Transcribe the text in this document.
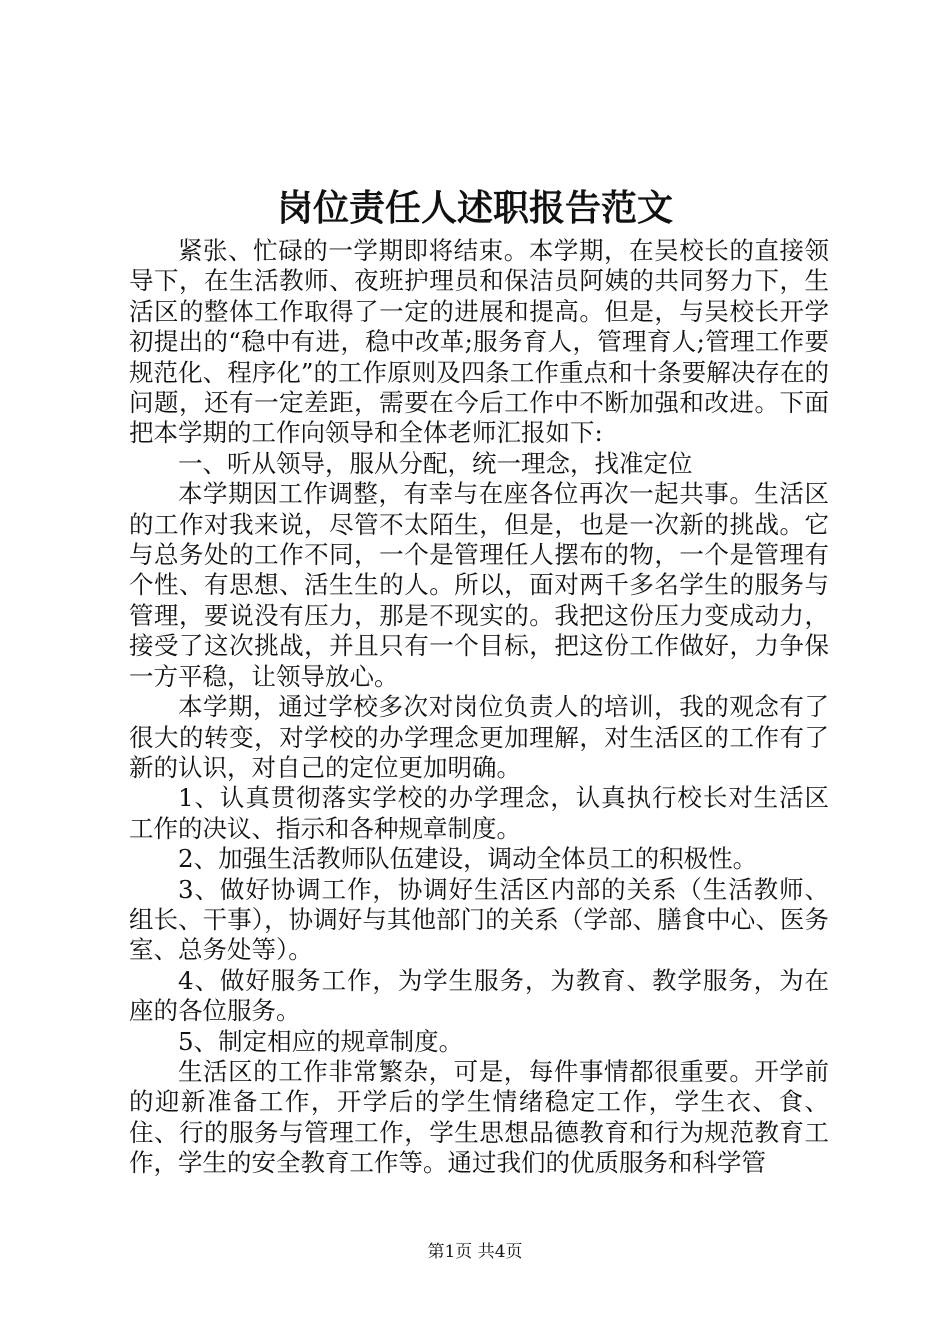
岗位责任人述职报告范文

紧张、忙碌的一学期即将结束。本学期，在吴校长的直接领导下，在生活教师、夜班护理员和保洁员阿姨的共同努力下，生活区的整体工作取得了一定的进展和提高。但是，与吴校长开学初提出的“稳中有进，稳中改革;服务育人，管理育人;管理工作要规范化、程序化”的工作原则及四条工作重点和十条要解决存在的问题，还有一定差距，需要在今后工作中不断加强和改进。下面把本学期的工作向领导和全体老师汇报如下:

一、听从领导，服从分配，统一理念，找准定位

本学期因工作调整，有幸与在座各位再次一起共事。生活区的工作对我来说，尽管不太陌生，但是，也是一次新的挑战。它与总务处的工作不同，一个是管理任人摆布的物，一个是管理有个性、有思想、活生生的人。所以，面对两千多名学生的服务与管理，要说没有压力，那是不现实的。我把这份压力变成动力，接受了这次挑战，并且只有一个目标，把这份工作做好，力争保一方平稳，让领导放心。

本学期，通过学校多次对岗位负责人的培训，我的观念有了很大的转变，对学校的办学理念更加理解，对生活区的工作有了新的认识，对自己的定位更加明确。

1、认真贯彻落实学校的办学理念，认真执行校长对生活区工作的决议、指示和各种规章制度。

2、加强生活教师队伍建设，调动全体员工的积极性。

3、做好协调工作，协调好生活区内部的关系（生活教师、组长、干事），协调好与其他部门的关系（学部、膳食中心、医务室、总务处等）。

4、做好服务工作，为学生服务，为教育、教学服务，为在座的各位服务。

5、制定相应的规章制度。

生活区的工作非常繁杂，可是，每件事情都很重要。开学前的迎新准备工作，开学后的学生情绪稳定工作，学生衣、食、住、行的服务与管理工作，学生思想品德教育和行为规范教育工作，学生的安全教育工作等。通过我们的优质服务和科学管

第1页 共4页
